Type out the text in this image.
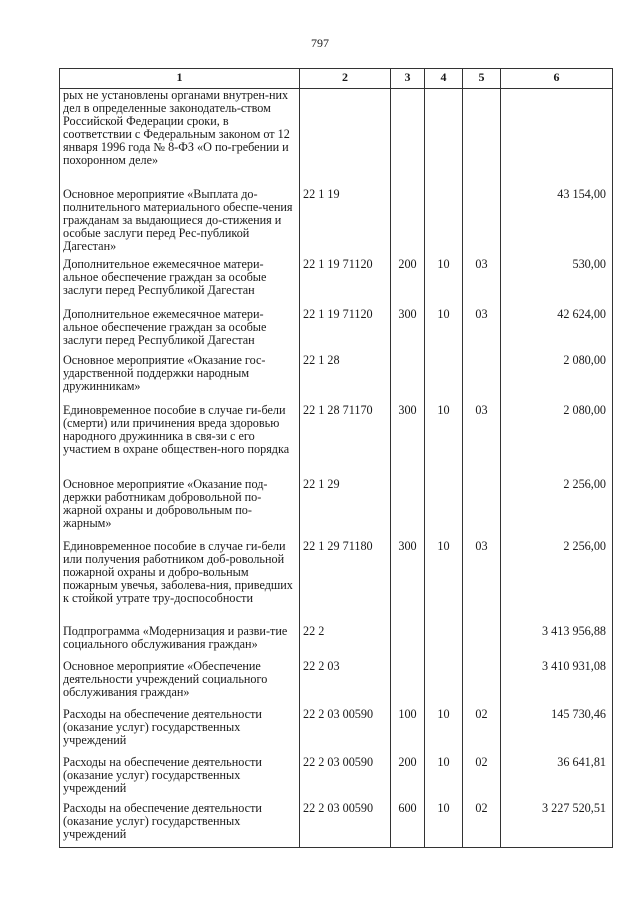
797
1	2	3	4	5	6
рых не установлены органами внутрен-них дел в определенные законодатель-ством Российской Федерации сроки, в соответствии с Федеральным законом от 12 января 1996 года № 8-ФЗ «О по-гребении и похоронном деле»					
Основное мероприятие «Выплата до-полнительного материального обеспе-чения гражданам за выдающиеся до-стижения и особые заслуги перед Рес-публикой Дагестан»	22 1 19				43 154,00
Дополнительное ежемесячное матери-альное обеспечение граждан за особые заслуги перед Республикой Дагестан	22 1 19 71120	200	10	03	530,00
Дополнительное ежемесячное матери-альное обеспечение граждан за особые заслуги перед Республикой Дагестан	22 1 19 71120	300	10	03	42 624,00
Основное мероприятие «Оказание гос-ударственной поддержки народным дружинникам»	22 1 28				2 080,00
Единовременное пособие в случае ги-бели (смерти) или причинения вреда здоровью народного дружинника в свя-зи с его участием в охране обществен-ного порядка	22 1 28 71170	300	10	03	2 080,00
Основное мероприятие «Оказание под-держки работникам добровольной по-жарной охраны и добровольным по-жарным»	22 1 29				2 256,00
Единовременное пособие в случае ги-бели или получения работником доб-ровольной пожарной охраны и добро-вольным пожарным увечья, заболева-ния, приведших к стойкой утрате тру-доспособности	22 1 29 71180	300	10	03	2 256,00
Подпрограмма «Модернизация и разви-тие социального обслуживания граждан»	22 2				3 413 956,88
Основное мероприятие «Обеспечение деятельности учреждений социального обслуживания граждан»	22 2 03				3 410 931,08
Расходы на обеспечение деятельности (оказание услуг) государственных учреждений	22 2 03 00590	100	10	02	145 730,46
Расходы на обеспечение деятельности (оказание услуг) государственных учреждений	22 2 03 00590	200	10	02	36 641,81
Расходы на обеспечение деятельности (оказание услуг) государственных учреждений	22 2 03 00590	600	10	02	3 227 520,51
